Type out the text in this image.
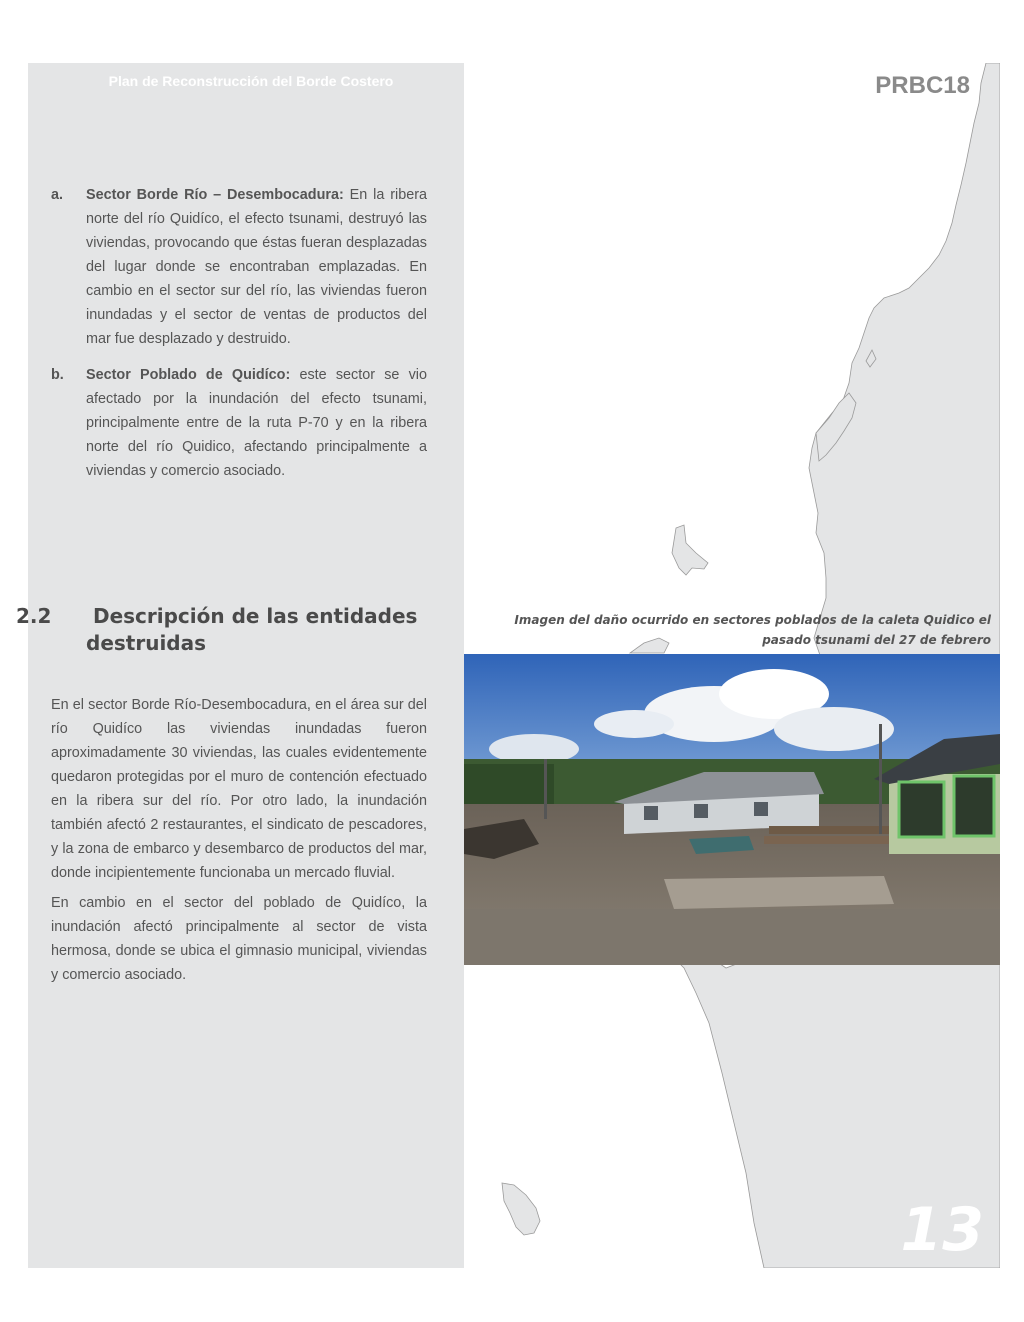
Plan de Reconstrucción del Borde Costero
a.	Sector Borde Río – Desembocadura: En la ribera norte del río Quidíco, el efecto tsunami, destruyó las viviendas, provocando que éstas fueran desplazadas del lugar donde se encontraban emplazadas. En cambio en el sector sur del río, las viviendas fueron inundadas y el sector de ventas de productos del mar fue desplazado y destruido.
b.	Sector Poblado de Quidíco: este sector se vio afectado por la inundación del efecto tsunami, principalmente entre de la ruta P-70 y en la ribera norte del río Quidico, afectando principalmente a viviendas y comercio asociado.
2.2 Descripción de las entidades destruidas

En el sector Borde Río-Desembocadura, en el área sur del río Quidíco las viviendas inundadas fueron aproximadamente 30 viviendas, las cuales evidentemente quedaron protegidas por el muro de contención efectuado en la ribera sur del río. Por otro lado, la inundación también afectó 2 restaurantes, el sindicato de pescadores, y la zona de embarco y desembarco de productos del mar, donde incipientemente funcionaba un mercado fluvial.

En cambio en el sector del poblado de Quidíco, la inundación afectó principalmente al sector de vista hermosa, donde se ubica el gimnasio municipal, viviendas y comercio asociado.

PRBC18
Imagen del daño ocurrido en sectores poblados de la caleta Quidico el pasado tsunami del 27 de febrero
13
